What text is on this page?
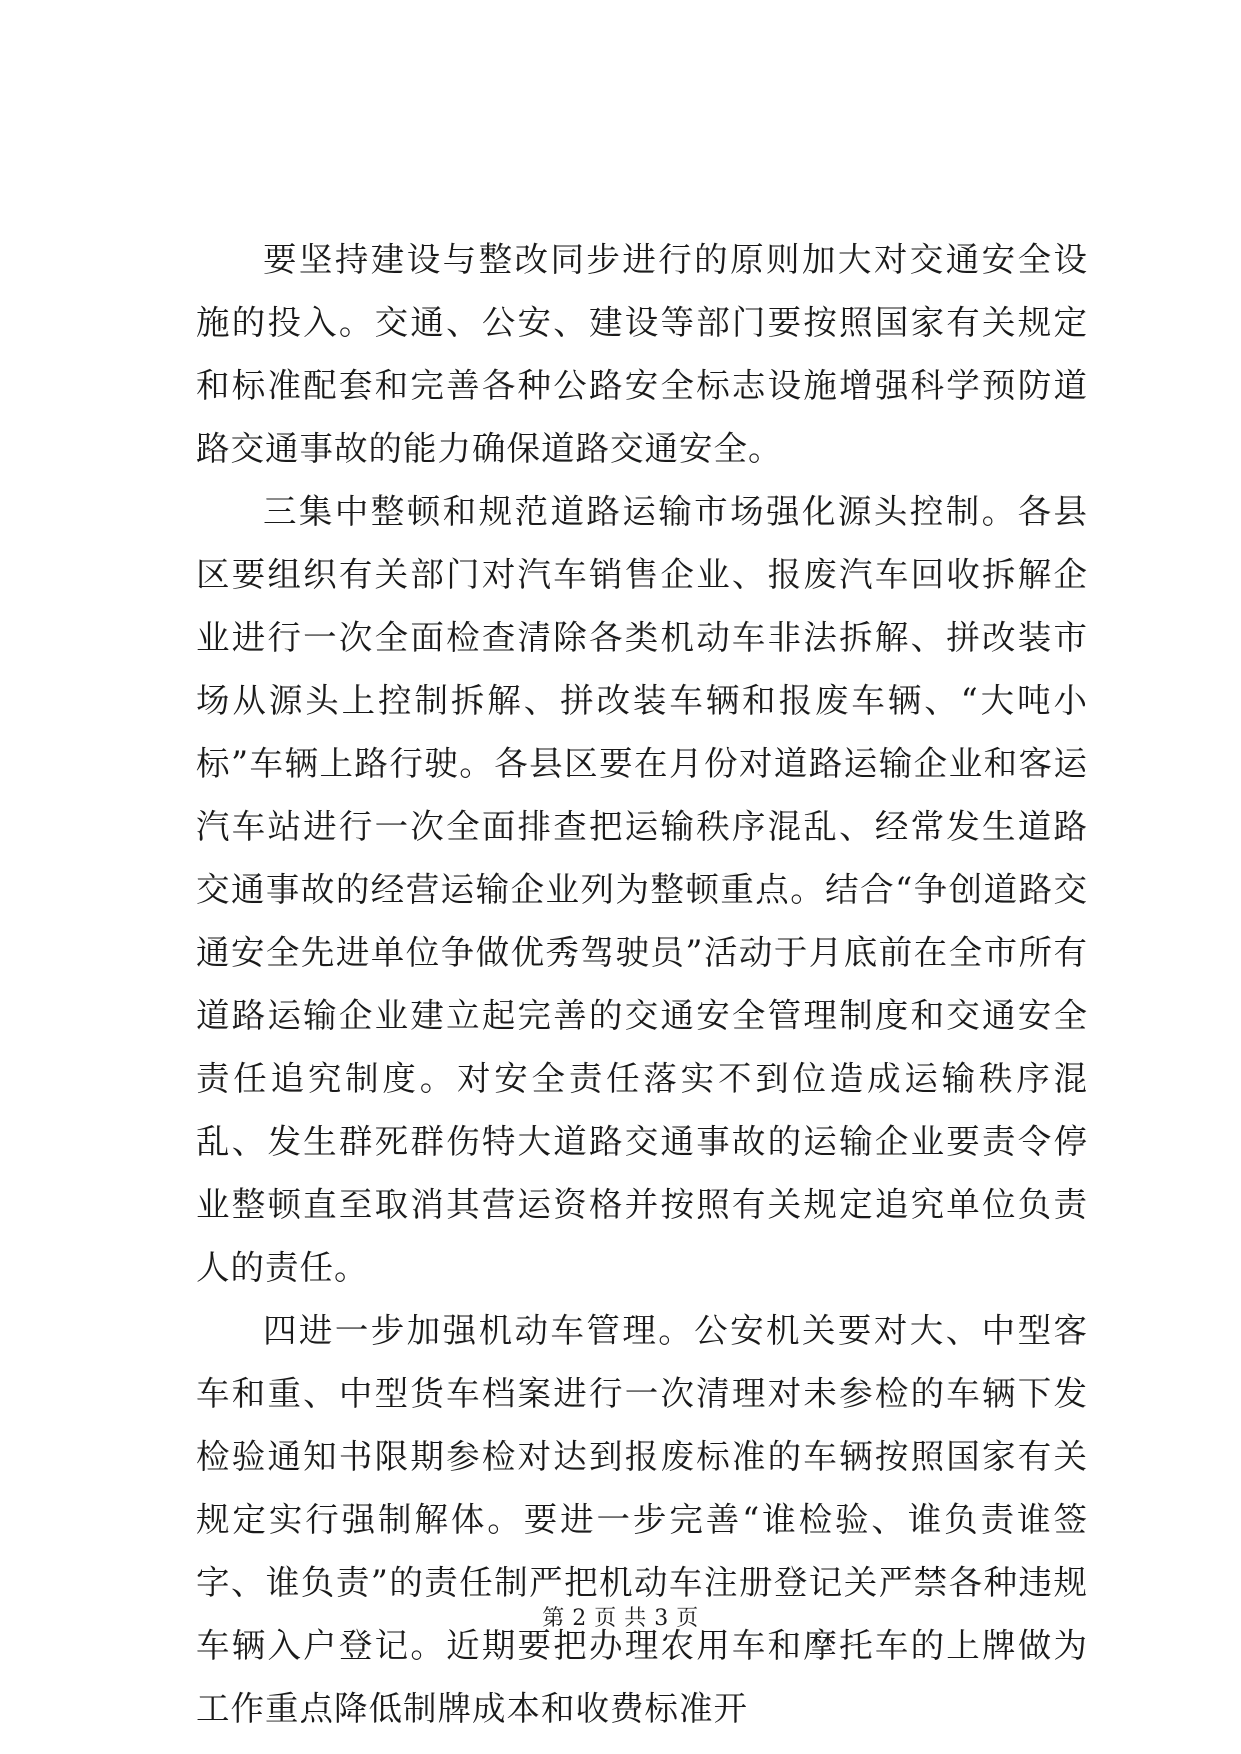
要坚持建设与整改同步进行的原则加大对交通安全设施的投入。交通、公安、建设等部门要按照国家有关规定和标准配套和完善各种公路安全标志设施增强科学预防道路交通事故的能力确保道路交通安全。

三集中整顿和规范道路运输市场强化源头控制。各县区要组织有关部门对汽车销售企业、报废汽车回收拆解企业进行一次全面检查清除各类机动车非法拆解、拼改装市场从源头上控制拆解、拼改装车辆和报废车辆、“大吨小标”车辆上路行驶。各县区要在月份对道路运输企业和客运汽车站进行一次全面排查把运输秩序混乱、经常发生道路交通事故的经营运输企业列为整顿重点。结合“争创道路交通安全先进单位争做优秀驾驶员”活动于月底前在全市所有道路运输企业建立起完善的交通安全管理制度和交通安全责任追究制度。对安全责任落实不到位造成运输秩序混乱、发生群死群伤特大道路交通事故的运输企业要责令停业整顿直至取消其营运资格并按照有关规定追究单位负责人的责任。

四进一步加强机动车管理。公安机关要对大、中型客车和重、中型货车档案进行一次清理对未参检的车辆下发检验通知书限期参检对达到报废标准的车辆按照国家有关规定实行强制解体。要进一步完善“谁检验、谁负责谁签字、谁负责”的责任制严把机动车注册登记关严禁各种违规车辆入户登记。近期要把办理农用车和摩托车的上牌做为工作重点降低制牌成本和收费标准开

第 2 页 共 3 页
